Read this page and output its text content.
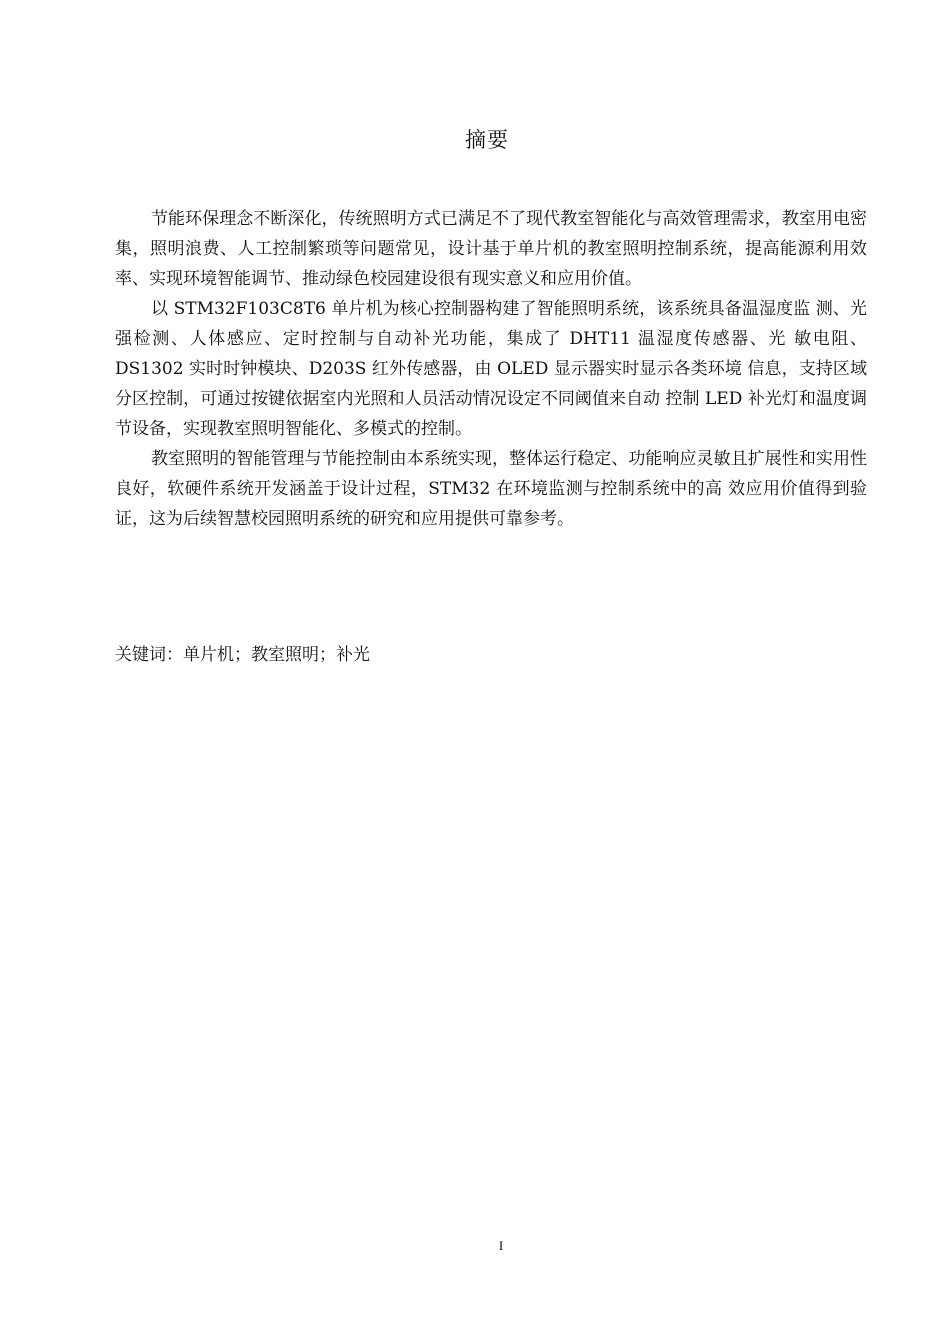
摘要

节能环保理念不断深化，传统照明方式已满足不了现代教室智能化与高效管理需求，教室用电密集，照明浪费、人工控制繁琐等问题常见，设计基于单片机的教室照明控制系统，提高能源利用效率、实现环境智能调节、推动绿色校园建设很有现实意义和应用价值。

以 STM32F103C8T6 单片机为核心控制器构建了智能照明系统，该系统具备温湿度监 测、光强检测、人体感应、定时控制与自动补光功能，集成了 DHT11 温湿度传感器、光 敏电阻、DS1302 实时时钟模块、D203S 红外传感器，由 OLED 显示器实时显示各类环境 信息，支持区域分区控制，可通过按键依据室内光照和人员活动情况设定不同阈值来自动 控制 LED 补光灯和温度调节设备，实现教室照明智能化、多模式的控制。

教室照明的智能管理与节能控制由本系统实现，整体运行稳定、功能响应灵敏且扩展性和实用性良好，软硬件系统开发涵盖于设计过程，STM32 在环境监测与控制系统中的高 效应用价值得到验证，这为后续智慧校园照明系统的研究和应用提供可靠参考。

关键词：单片机；教室照明；补光
I
